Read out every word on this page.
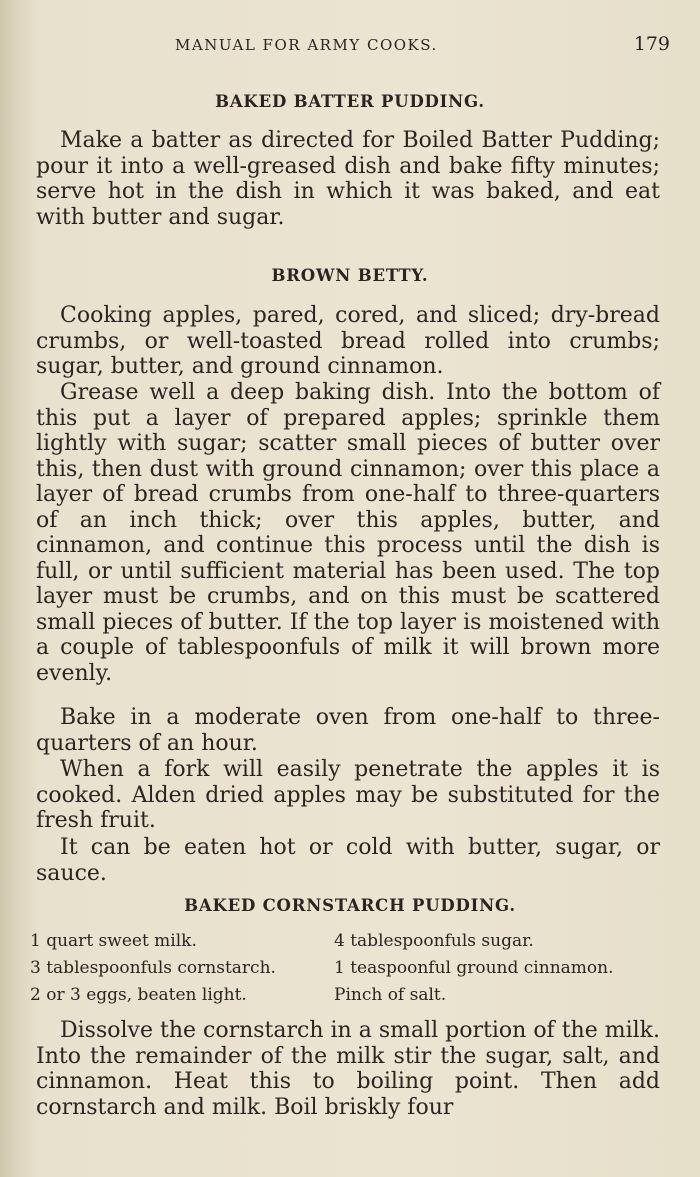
MANUAL FOR ARMY COOKS.	179
BAKED BATTER PUDDING.
Make a batter as directed for Boiled Batter Pudding; pour it into a well-greased dish and bake fifty minutes; serve hot in the dish in which it was baked, and eat with butter and sugar.
BROWN BETTY.
Cooking apples, pared, cored, and sliced; dry-bread crumbs, or well-toasted bread rolled into crumbs; sugar, butter, and ground cinnamon.
Grease well a deep baking dish. Into the bottom of this put a layer of prepared apples; sprinkle them lightly with sugar; scatter small pieces of butter over this, then dust with ground cinnamon; over this place a layer of bread crumbs from one-half to three-quarters of an inch thick; over this apples, butter, and cinnamon, and continue this process until the dish is full, or until sufficient material has been used. The top layer must be crumbs, and on this must be scattered small pieces of butter. If the top layer is moistened with a couple of tablespoonfuls of milk it will brown more evenly.
Bake in a moderate oven from one-half to three-quarters of an hour.
When a fork will easily penetrate the apples it is cooked. Alden dried apples may be substituted for the fresh fruit.
It can be eaten hot or cold with butter, sugar, or sauce.
BAKED CORNSTARCH PUDDING.
1 quart sweet milk.	4 tablespoonfuls sugar.
3 tablespoonfuls cornstarch.	1 teaspoonful ground cinnamon.
2 or 3 eggs, beaten light.	Pinch of salt.
Dissolve the cornstarch in a small portion of the milk. Into the remainder of the milk stir the sugar, salt, and cinnamon. Heat this to boiling point. Then add cornstarch and milk. Boil briskly four
